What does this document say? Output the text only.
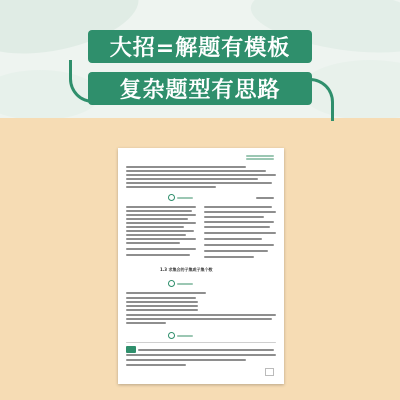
大招=解题有模板
复杂题型有思路
1.3 求集合的子集或子集个数
